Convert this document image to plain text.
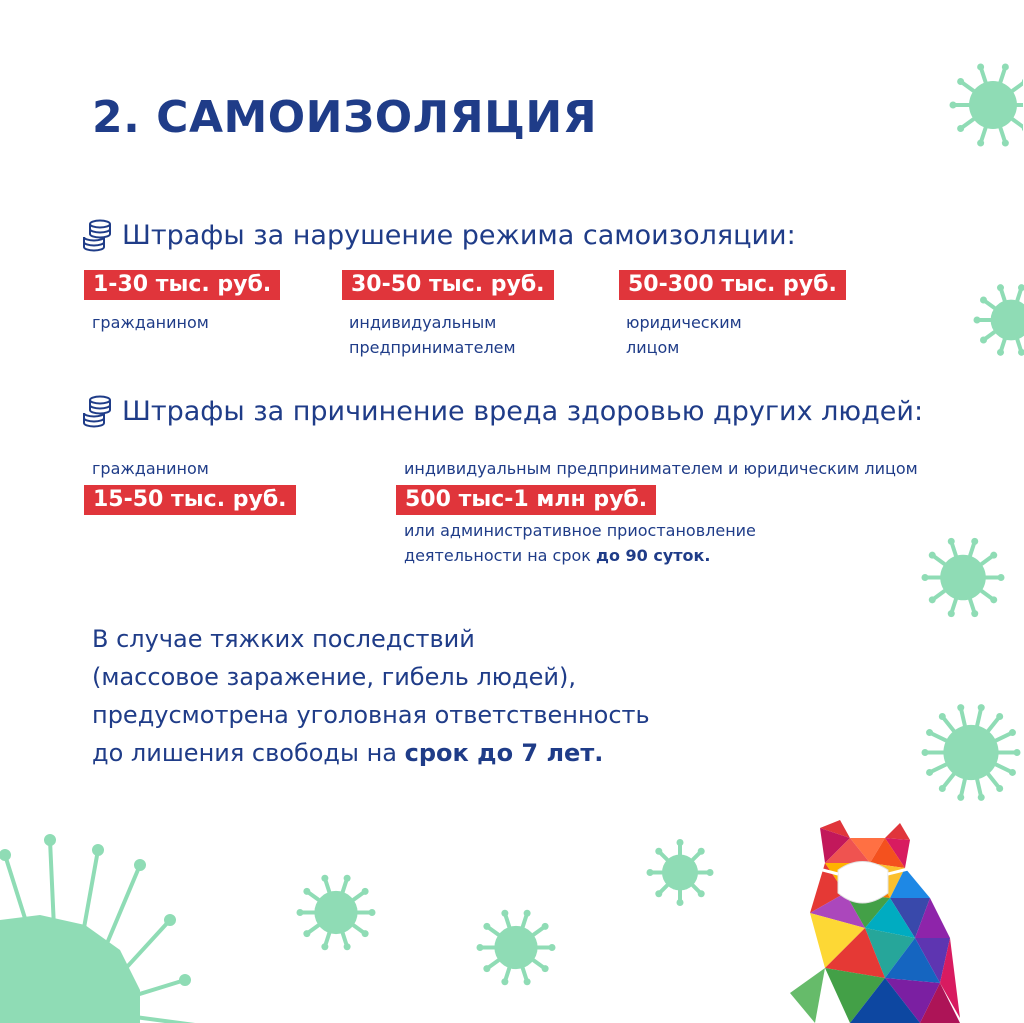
2. САМОИЗОЛЯЦИЯ
Штрафы за нарушение режима самоизоляции:
1-30 тыс. руб.
гражданином
30-50 тыс. руб.
индивидуальным
предпринимателем
50-300 тыс. руб.
юридическим
лицом
Штрафы за причинение вреда здоровью других людей:
гражданином
15-50 тыс. руб.
индивидуальным предпринимателем и юридическим лицом
500 тыс-1 млн руб.
или административное приостановление
деятельности на срок до 90 суток.
В случае тяжких последствий
(массовое заражение, гибель людей),
предусмотрена уголовная ответственность
до лишения свободы на срок до 7 лет.
